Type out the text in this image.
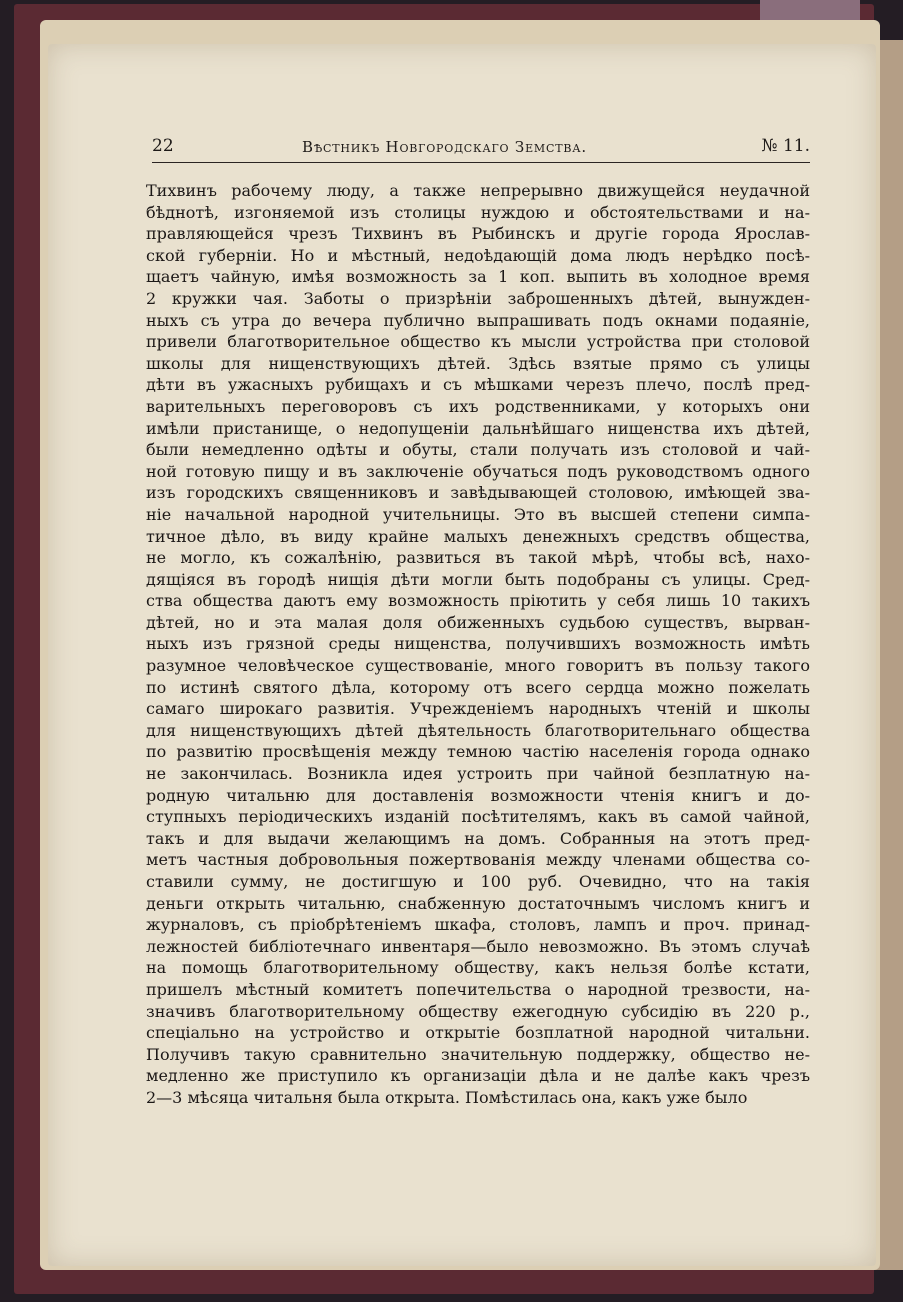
22	Вѣстникъ Новгородскаго Земства.	№ 11.
Тихвинъ рабочему люду, а также непрерывно движущейся неудачной
бѣднотѣ, изгоняемой изъ столицы нуждою и обстоятельствами и на-
правляющейся чрезъ Тихвинъ въ Рыбинскъ и другіе города Ярослав-
ской губерніи. Но и мѣстный, недоѣдающій дома людъ нерѣдко посѣ-
щаетъ чайную, имѣя возможность за 1 коп. выпить въ холодное время
2 кружки чая. Заботы о призрѣніи заброшенныхъ дѣтей, вынужден-
ныхъ съ утра до вечера публично выпрашивать подъ окнами подаяніе,
привели благотворительное общество къ мысли устройства при столовой
школы для нищенствующихъ дѣтей. Здѣсь взятые прямо съ улицы
дѣти въ ужасныхъ рубищахъ и съ мѣшками черезъ плечо, послѣ пред-
варительныхъ переговоровъ съ ихъ родственниками, у которыхъ они
имѣли пристанище, о недопущеніи дальнѣйшаго нищенства ихъ дѣтей,
были немедленно одѣты и обуты, стали получать изъ столовой и чай-
ной готовую пищу и въ заключеніе обучаться подъ руководствомъ одного
изъ городскихъ священниковъ и завѣдывающей столовою, имѣющей зва-
ніе начальной народной учительницы. Это въ высшей степени симпа-
тичное дѣло, въ виду крайне малыхъ денежныхъ средствъ общества,
не могло, къ сожалѣнію, развиться въ такой мѣрѣ, чтобы всѣ, нахо-
дящіяся въ городѣ нищія дѣти могли быть подобраны съ улицы. Сред-
ства общества даютъ ему возможность пріютить у себя лишь 10 такихъ
дѣтей, но и эта малая доля обиженныхъ судьбою существъ, вырван-
ныхъ изъ грязной среды нищенства, получившихъ возможность имѣть
разумное человѣческое существованіе, много говоритъ въ пользу такого
по истинѣ святого дѣла, которому отъ всего сердца можно пожелать
самаго широкаго развитія. Учрежденіемъ народныхъ чтеній и школы
для нищенствующихъ дѣтей дѣятельность благотворительнаго общества
по развитію просвѣщенія между темною частію населенія города однако
не закончилась. Возникла идея устроить при чайной безплатную на-
родную читальню для доставленія возможности чтенія книгъ и до-
ступныхъ періодическихъ изданій посѣтителямъ, какъ въ самой чайной,
такъ и для выдачи желающимъ на домъ. Собранныя на этотъ пред-
метъ частныя добровольныя пожертвованія между членами общества со-
ставили сумму, не достигшую и 100 руб. Очевидно, что на такія
деньги открыть читальню, снабженную достаточнымъ числомъ книгъ и
журналовъ, съ пріобрѣтеніемъ шкафа, столовъ, лампъ и проч. принад-
лежностей библіотечнаго инвентаря—было невозможно. Въ этомъ случаѣ
на помощь благотворительному обществу, какъ нельзя болѣе кстати,
пришелъ мѣстный комитетъ попечительства о народной трезвости, на-
значивъ благотворительному обществу ежегодную субсидію въ 220 р.,
спеціально на устройство и открытіе бозплатной народной читальни.
Получивъ такую сравнительно значительную поддержку, общество не-
медленно же приступило къ организаціи дѣла и не далѣе какъ чрезъ
2—3 мѣсяца читальня была открыта. Помѣстилась она, какъ уже было
